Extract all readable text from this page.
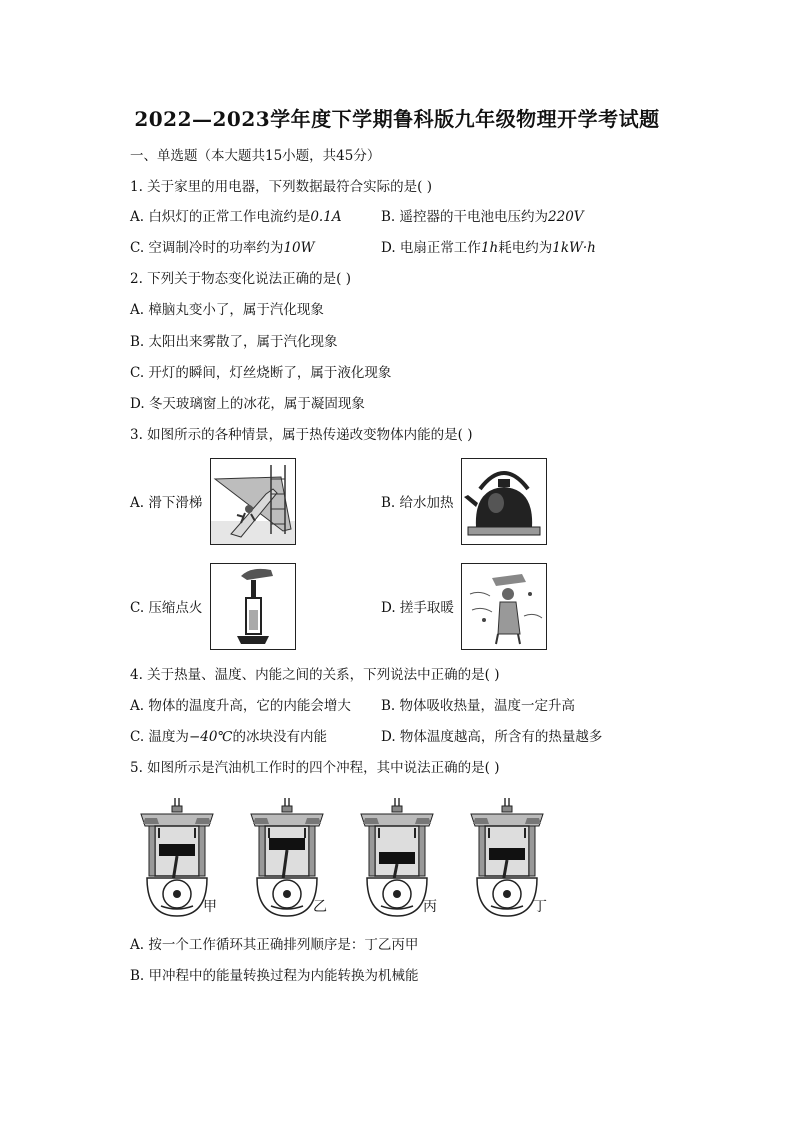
2022—2023学年度下学期鲁科版九年级物理开学考试题
一、单选题（本大题共15小题，共45分）
1. 关于家里的用电器，下列数据最符合实际的是( )
A. 白炽灯的正常工作电流约是0.1A	B. 遥控器的干电池电压约为220V
C. 空调制冷时的功率约为10W	D. 电扇正常工作1h耗电约为1kW·h
2. 下列关于物态变化说法正确的是( )
A. 樟脑丸变小了，属于汽化现象
B. 太阳出来雾散了，属于汽化现象
C. 开灯的瞬间，灯丝烧断了，属于液化现象
D. 冬天玻璃窗上的冰花，属于凝固现象
3. 如图所示的各种情景，属于热传递改变物体内能的是( )
A. 滑下滑梯	B. 给水加热
C. 压缩点火	D. 搓手取暖
4. 关于热量、温度、内能之间的关系，下列说法中正确的是( )
A. 物体的温度升高，它的内能会增大 B. 物体吸收热量，温度一定升高
C. 温度为−40℃的冰块没有内能	D. 物体温度越高，所含有的热量越多
5. 如图所示是汽油机工作时的四个冲程，其中说法正确的是( )
甲	乙	丙	丁
A. 按一个工作循环其正确排列顺序是：丁乙丙甲
B. 甲冲程中的能量转换过程为内能转换为机械能
